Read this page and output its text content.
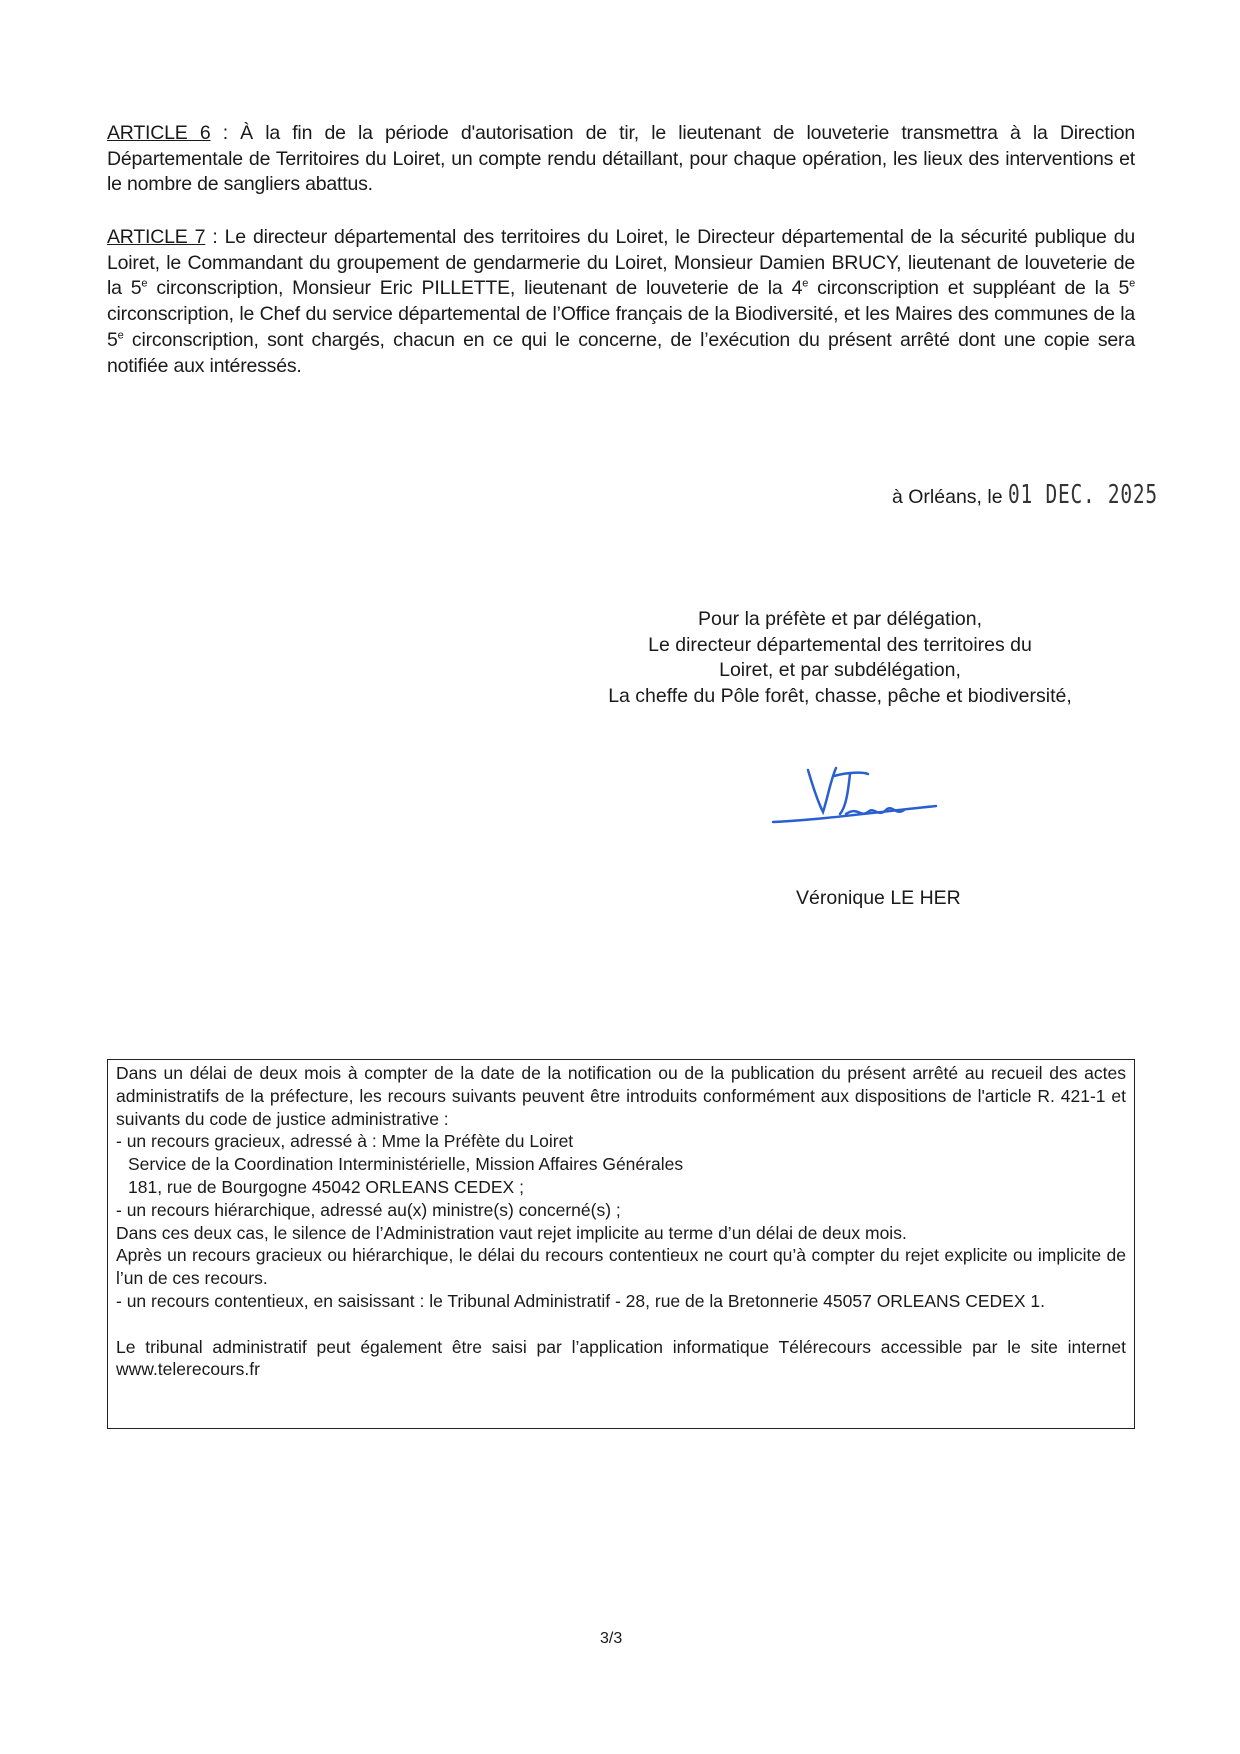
ARTICLE 6 : À la fin de la période d'autorisation de tir, le lieutenant de louveterie transmettra à la Direction Départementale de Territoires du Loiret, un compte rendu détaillant, pour chaque opération, les lieux des interventions et le nombre de sangliers abattus.
ARTICLE 7 : Le directeur départemental des territoires du Loiret, le Directeur départemental de la sécurité publique du Loiret, le Commandant du groupement de gendarmerie du Loiret, Monsieur Damien BRUCY, lieutenant de louveterie de la 5e circonscription, Monsieur Eric PILLETTE, lieutenant de louveterie de la 4e circonscription et suppléant de la 5e circonscription, le Chef du service départemental de l’Office français de la Biodiversité, et les Maires des communes de la 5e circonscription, sont chargés, chacun en ce qui le concerne, de l’exécution du présent arrêté dont une copie sera notifiée aux intéressés.
à Orléans, le 01 DEC. 2025
Pour la préfète et par délégation,
Le directeur départemental des territoires du
Loiret, et par subdélégation,
La cheffe du Pôle forêt, chasse, pêche et biodiversité,
Véronique LE HER

Dans un délai de deux mois à compter de la date de la notification ou de la publication du présent arrêté au recueil des actes administratifs de la préfecture, les recours suivants peuvent être introduits conformément aux dispositions de l'article R. 421-1 et suivants du code de justice administrative :

- un recours gracieux, adressé à : Mme la Préfète du Loiret

Service de la Coordination Interministérielle, Mission Affaires Générales

181, rue de Bourgogne 45042 ORLEANS CEDEX ;

- un recours hiérarchique, adressé au(x) ministre(s) concerné(s) ;

Dans ces deux cas, le silence de l’Administration vaut rejet implicite au terme d’un délai de deux mois.

Après un recours gracieux ou hiérarchique, le délai du recours contentieux ne court qu’à compter du rejet explicite ou implicite de l’un de ces recours.

- un recours contentieux, en saisissant : le Tribunal Administratif - 28, rue de la Bretonnerie 45057 ORLEANS CEDEX 1.

Le tribunal administratif peut également être saisi par l’application informatique Télérecours accessible par le site internet www.telerecours.fr

3/3
